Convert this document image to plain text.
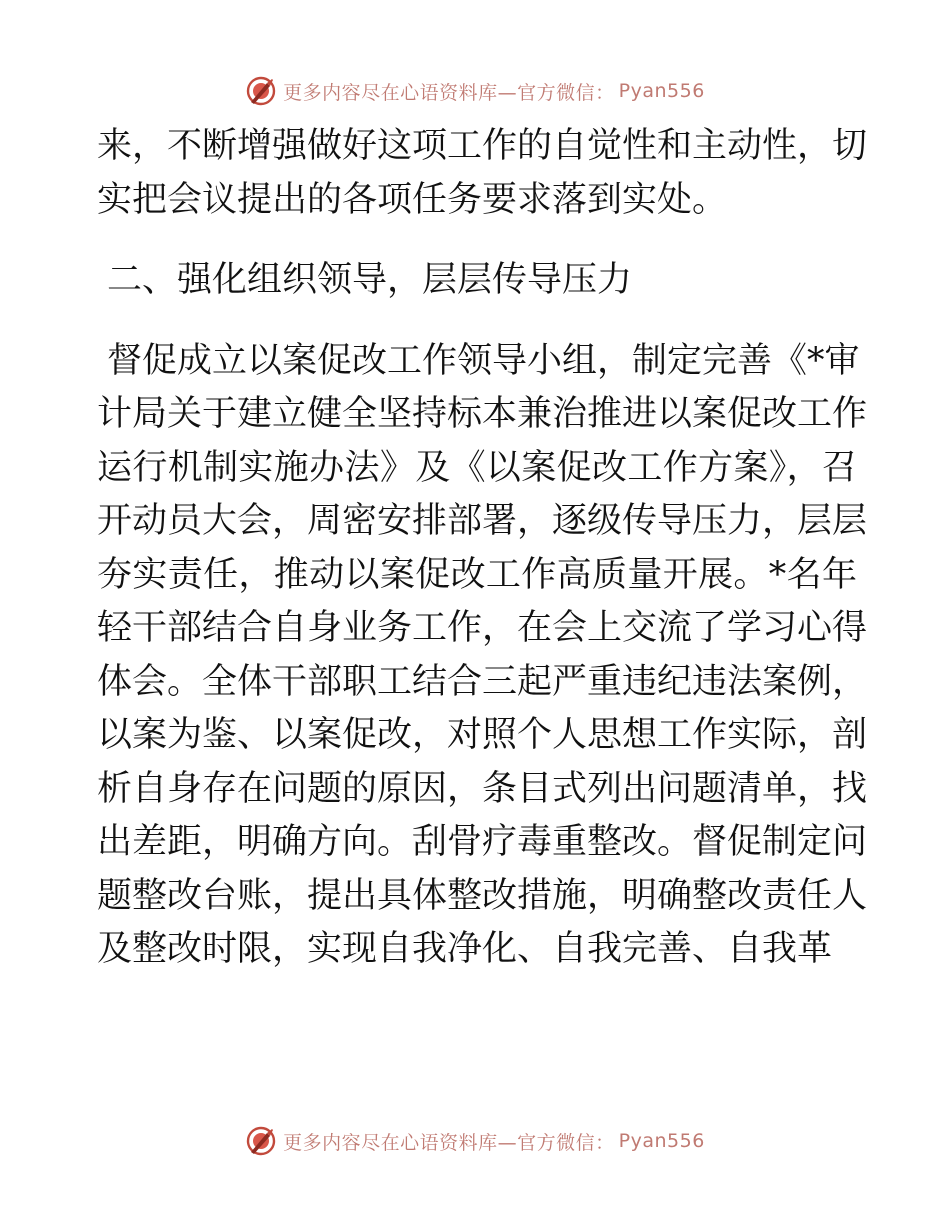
更多内容尽在心语资料库—官方微信： Pyan556
来，不断增强做好这项工作的自觉性和主动性，切
实把会议提出的各项任务要求落到实处。
二、强化组织领导，层层传导压力
督促成立以案促改工作领导小组，制定完善《*审
计局关于建立健全坚持标本兼治推进以案促改工作
运行机制实施办法》及《以案促改工作方案》，召
开动员大会，周密安排部署，逐级传导压力，层层
夯实责任，推动以案促改工作高质量开展。*名年
轻干部结合自身业务工作，在会上交流了学习心得
体会。全体干部职工结合三起严重违纪违法案例，
以案为鉴、以案促改，对照个人思想工作实际，剖
析自身存在问题的原因，条目式列出问题清单，找
出差距，明确方向。刮骨疗毒重整改。督促制定问
题整改台账，提出具体整改措施，明确整改责任人
及整改时限，实现自我净化、自我完善、自我革
更多内容尽在心语资料库—官方微信： Pyan556
